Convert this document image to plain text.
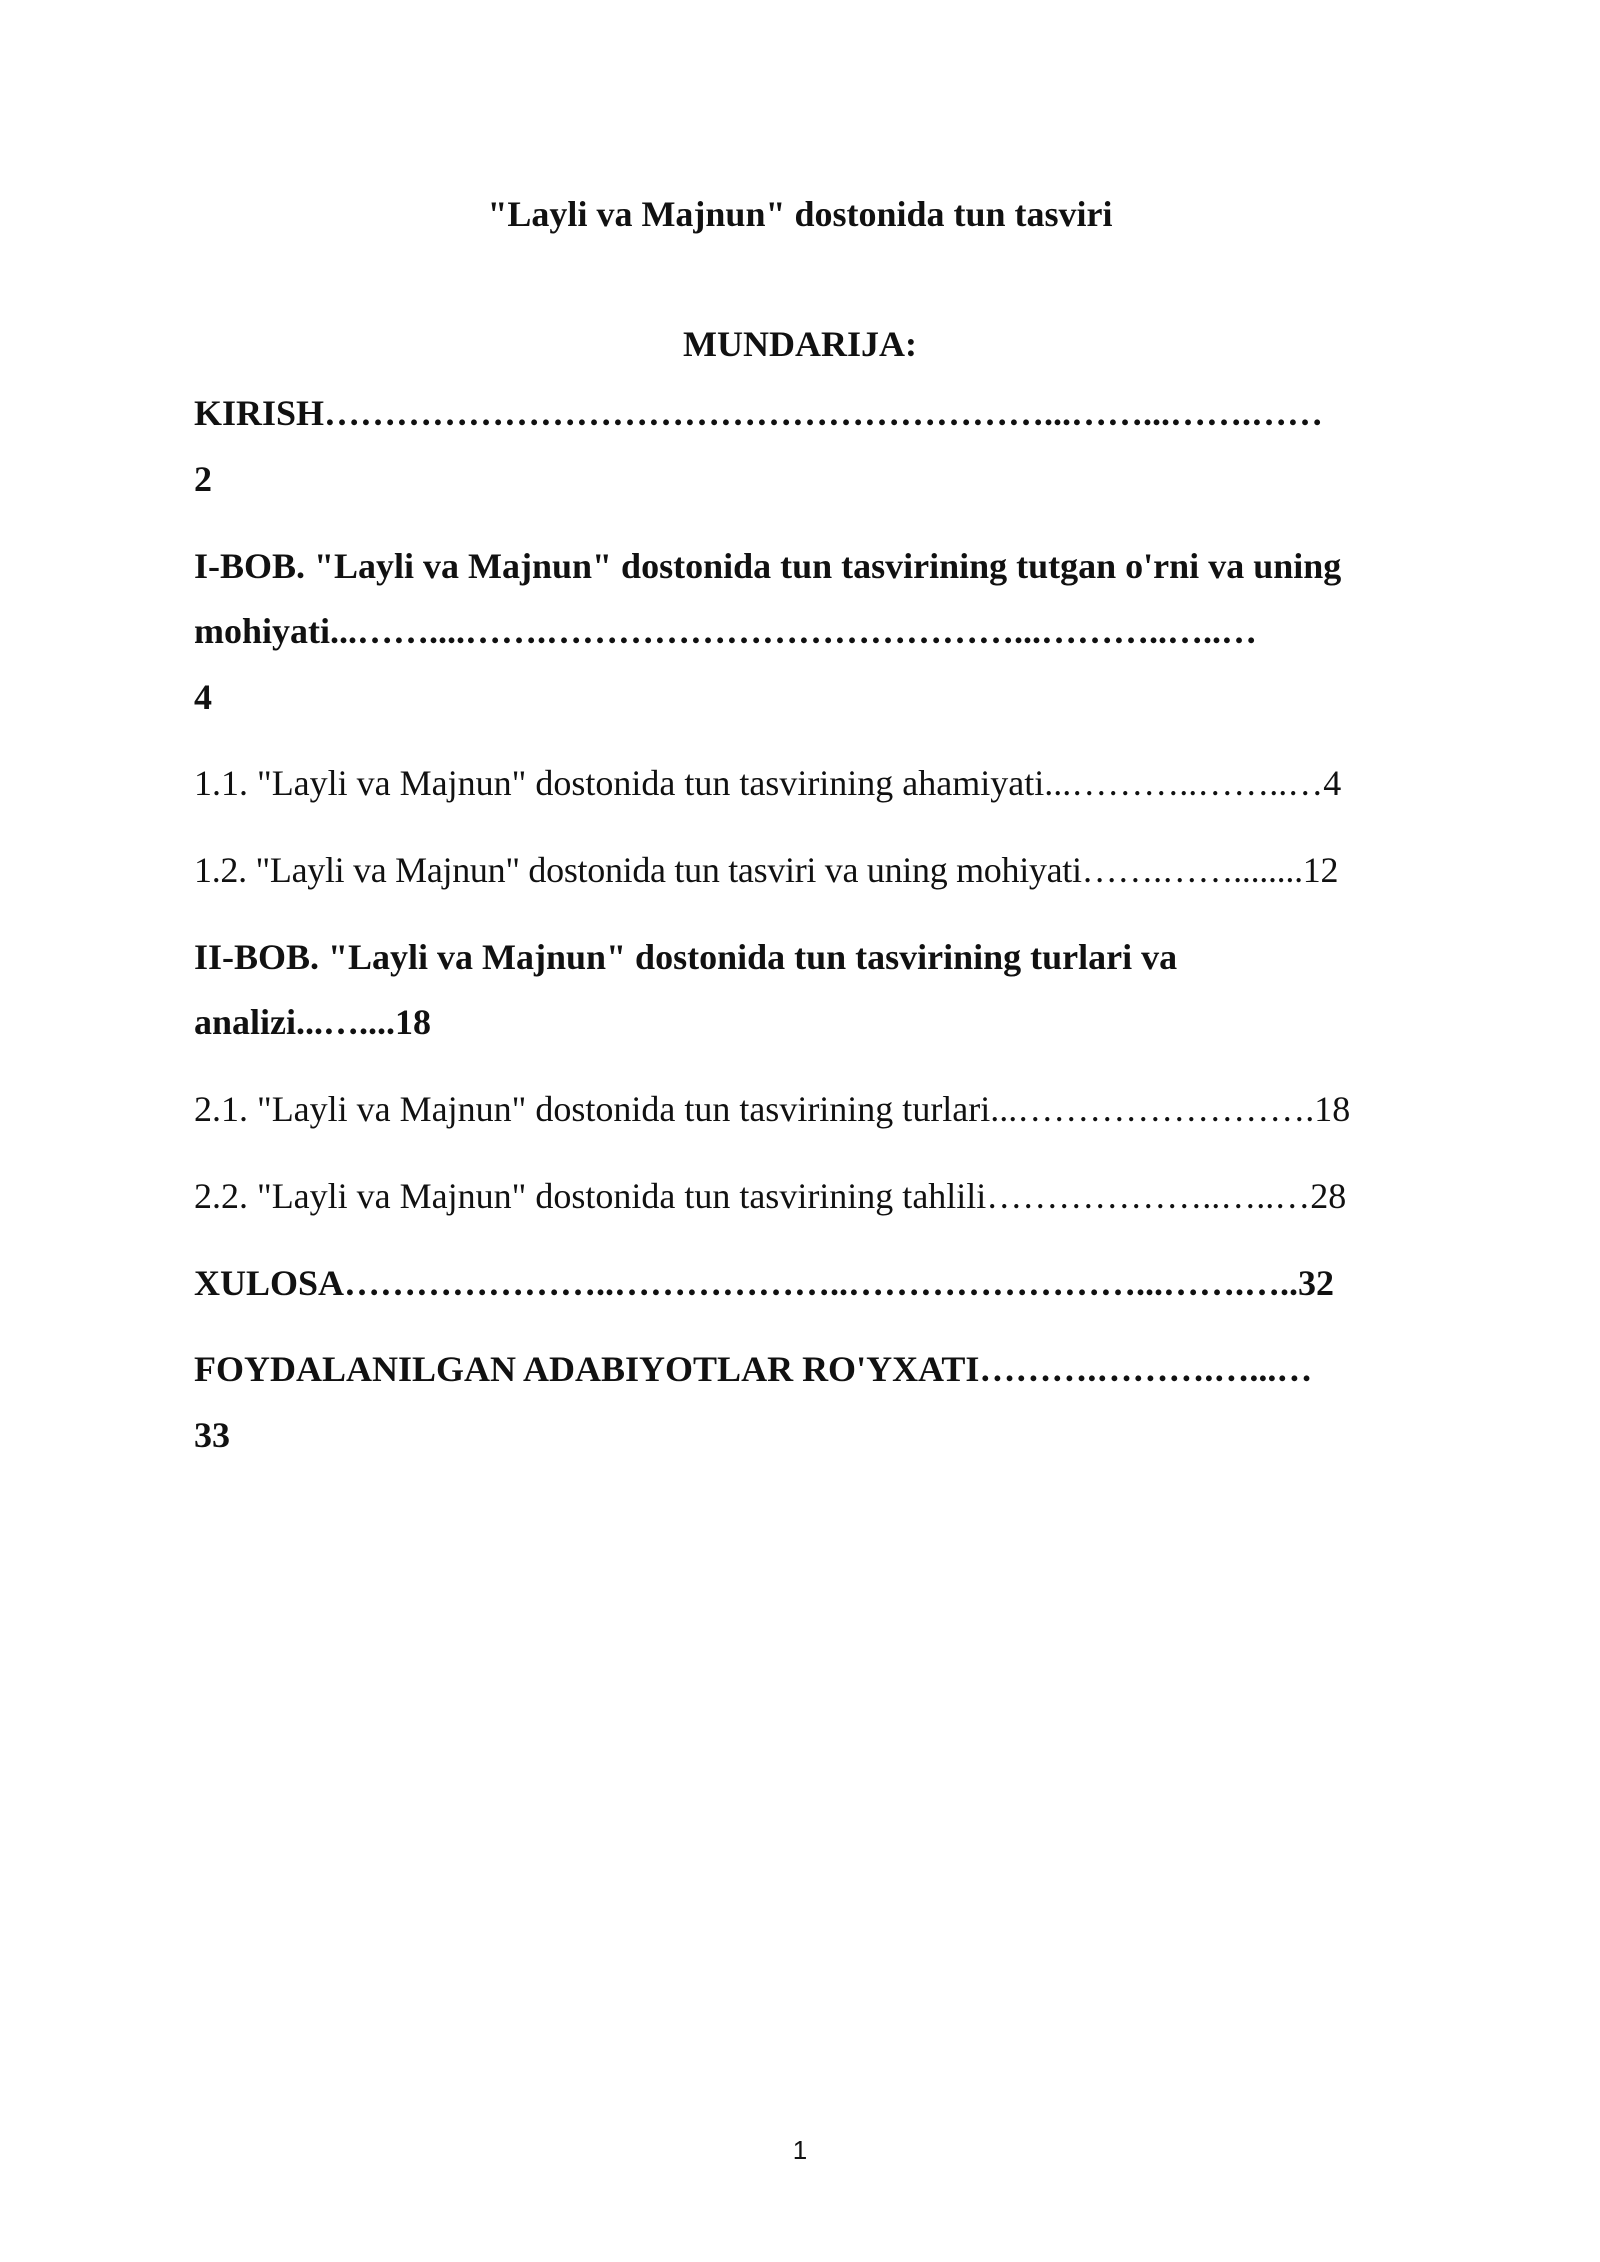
"Layli va Majnun" dostonida tun tasviri
MUNDARIJA:
KIRISH……………………………………………………...……...…….……
2
I-BOB. "Layli va Majnun" dostonida tun tasvirining tutgan o'rni va uning
mohiyati...……....…….…………………………………...………..…..…
4
1.1. "Layli va Majnun" dostonida tun tasvirining ahamiyati...………..……..…4
1.2. "Layli va Majnun" dostonida tun tasviri va uning mohiyati…….……........12
II-BOB. "Layli va Majnun" dostonida tun tasvirining turlari va
analizi...…....18
2.1. "Layli va Majnun" dostonida tun tasvirining turlari...…………………….18
2.2. "Layli va Majnun" dostonida tun tasvirining tahlili………………..…..…28
XULOSA…………………..………………..……………………...…….…..32
FOYDALANILGAN ADABIYOTLAR RO'YXATI……….……….…...…
33
1
